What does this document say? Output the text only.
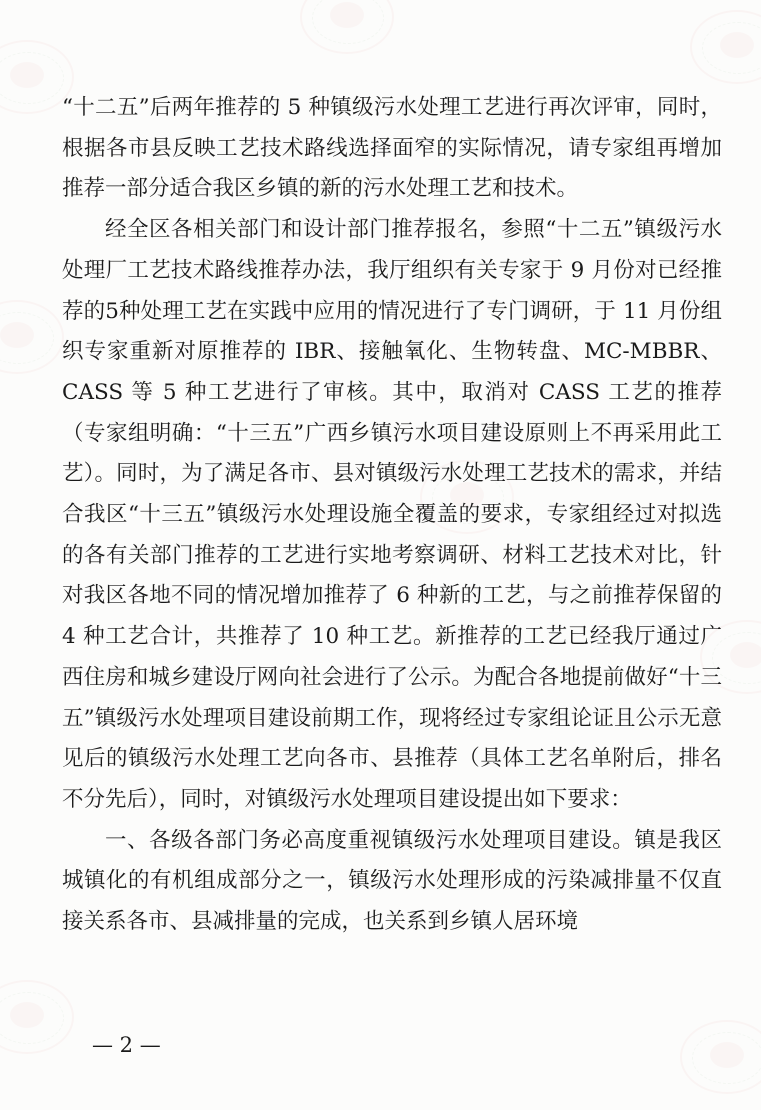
“十二五”后两年推荐的 5 种镇级污水处理工艺进行再次评审，同时，根据各市县反映工艺技术路线选择面窄的实际情况，请专家组再增加推荐一部分适合我区乡镇的新的污水处理工艺和技术。

经全区各相关部门和设计部门推荐报名，参照“十二五”镇级污水处理厂工艺技术路线推荐办法，我厅组织有关专家于 9 月份对已经推荐的5种处理工艺在实践中应用的情况进行了专门调研，于 11 月份组织专家重新对原推荐的 IBR、接触氧化、生物转盘、MC-MBBR、CASS 等 5 种工艺进行了审核。其中，取消对 CASS 工艺的推荐（专家组明确：“十三五”广西乡镇污水项目建设原则上不再采用此工艺）。同时，为了满足各市、县对镇级污水处理工艺技术的需求，并结合我区“十三五”镇级污水处理设施全覆盖的要求，专家组经过对拟选的各有关部门推荐的工艺进行实地考察调研、材料工艺技术对比，针对我区各地不同的情况增加推荐了 6 种新的工艺，与之前推荐保留的 4 种工艺合计，共推荐了 10 种工艺。新推荐的工艺已经我厅通过广西住房和城乡建设厅网向社会进行了公示。为配合各地提前做好“十三五”镇级污水处理项目建设前期工作，现将经过专家组论证且公示无意见后的镇级污水处理工艺向各市、县推荐（具体工艺名单附后，排名不分先后），同时，对镇级污水处理项目建设提出如下要求：

一、各级各部门务必高度重视镇级污水处理项目建设。镇是我区城镇化的有机组成部分之一，镇级污水处理形成的污染减排量不仅直接关系各市、县减排量的完成，也关系到乡镇人居环境

— 2 —
